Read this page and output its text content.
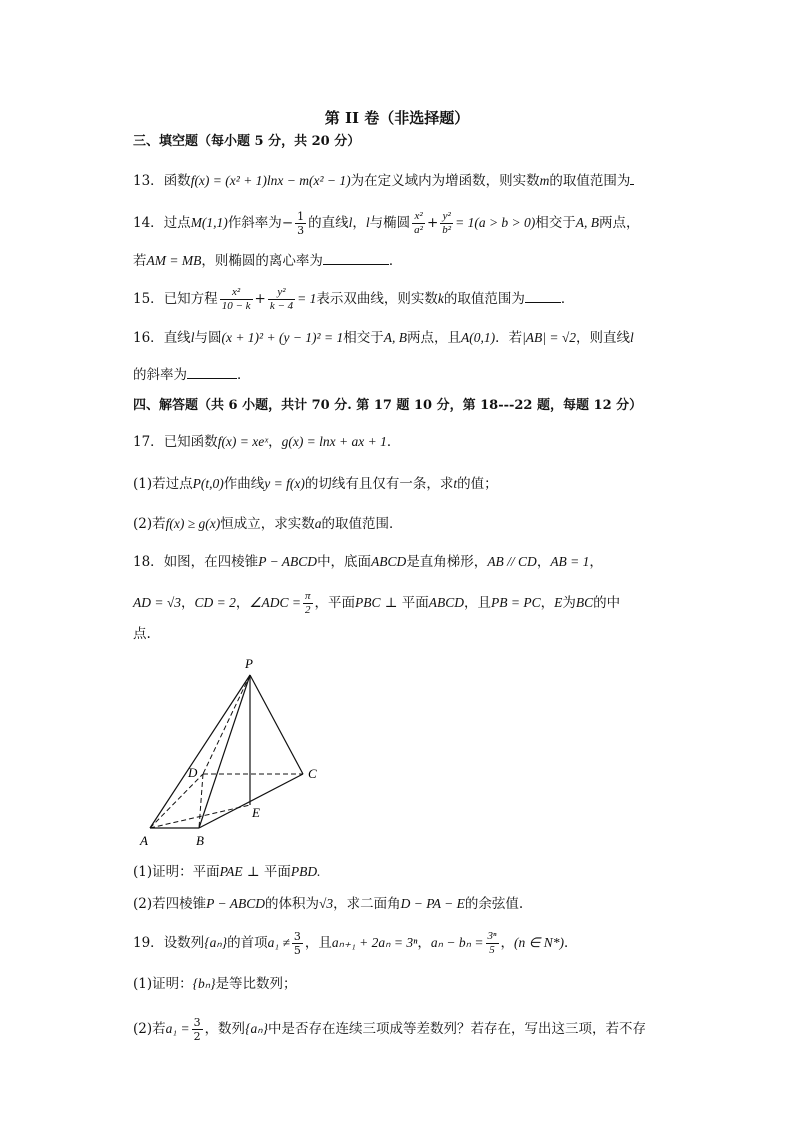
第 II 卷（非选择题）
三、填空题（每小题 5 分，共 20 分）
13．函数f(x) = (x² + 1)lnx − m(x² − 1)为在定义域内为增函数，则实数m的取值范围为
14．过点M(1,1)作斜率为− $\frac{1}{3}$ 的直线l，l与椭圆 $\frac{\text{x²}}{\text{a²}} + \frac{\text{y²}}{\text{b²}} = 1(a > b > 0)$相交于A, B两点，
若AM = MB，则椭圆的离心率为	．
15．已知方程 $\frac{\text{x²}}{10 - k} + \frac{\text{y²}}{k - 4} = 1$表示双曲线，则实数k的取值范围为	．
16．直线l与圆(x + 1)² + (y − 1)² = 1相交于A, B两点，且A(0,1)．若|AB| = √2，则直线l
的斜率为	．
四、解答题（共 6 小题，共计 70 分. 第 17 题 10 分，第 18---22 题，每题 12 分）
17．已知函数f(x) = xeˣ，g(x) = lnx + ax + 1．
(1)若过点P(t,0)作曲线y = f(x)的切线有且仅有一条，求t的值；
(2)若f(x) ≥ g(x)恒成立，求实数a的取值范围．
18．如图，在四棱锥P − ABCD中，底面ABCD是直角梯形，AB // CD，AB = 1，
AD = √3，CD = 2，∠ADC = $\frac{\pi}{2}$ ，平面PBC ⊥ 平面ABCD，且PB = PC，E为BC的中
点.
P
D	C
E
A	B
(1)证明：平面PAE ⊥ 平面PBD.
(2)若四棱锥P − ABCD的体积为√3，求二面角D − PA − E的余弦值.
19．设数列{aₙ}的首项$a_1 \ne \frac{3}{5}$ ，且aₙ₊₁ + 2aₙ = 3ⁿ，$a_n - b_n = \frac{\text{3ⁿ}}{5}$ ，(n ∈ N*)．
(1)证明：{bₙ}是等比数列；
(2)若$a_1 = \frac{3}{2}$ ，数列{aₙ}中是否存在连续三项成等差数列？若存在，写出这三项，若不存
